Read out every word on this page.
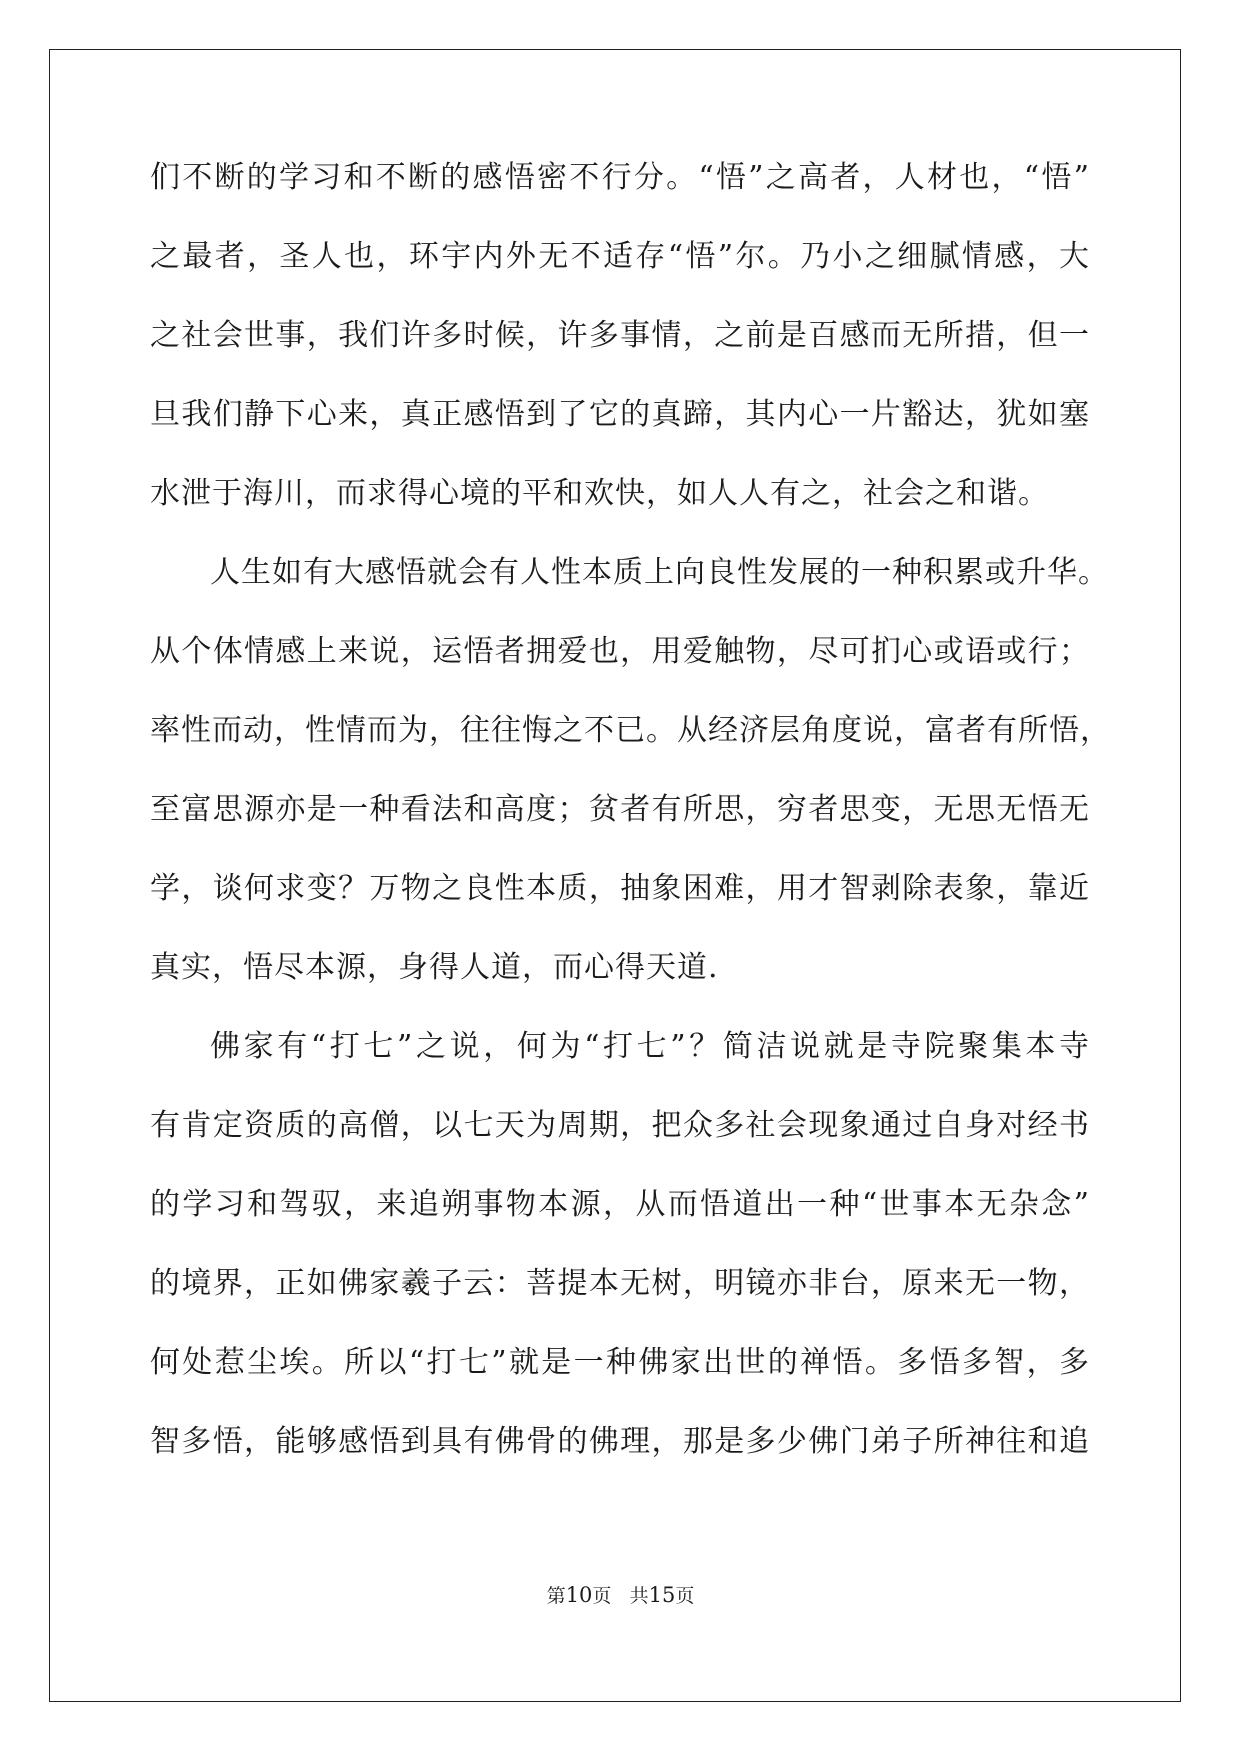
们不断的学习和不断的感悟密不行分。“悟”之高者，人材也，“悟”
之最者，圣人也，环宇内外无不适存“悟”尔。乃小之细腻情感，大
之社会世事，我们许多时候，许多事情，之前是百感而无所措，但一
旦我们静下心来，真正感悟到了它的真蹄，其内心一片豁达，犹如塞
水泄于海川，而求得心境的平和欢快，如人人有之，社会之和谐。
人生如有大感悟就会有人性本质上向良性发展的一种积累或升华。
从个体情感上来说，运悟者拥爱也，用爱触物，尽可扪心或语或行；
率性而动，性情而为，往往悔之不已。从经济层角度说，富者有所悟，
至富思源亦是一种看法和高度；贫者有所思，穷者思变，无思无悟无
学，谈何求变？万物之良性本质，抽象困难，用才智剥除表象，靠近
真实，悟尽本源，身得人道，而心得天道.
佛家有“打七”之说，何为“打七”？简洁说就是寺院聚集本寺
有肯定资质的高僧，以七天为周期，把众多社会现象通过自身对经书
的学习和驾驭，来追朔事物本源，从而悟道出一种“世事本无杂念”
的境界，正如佛家羲子云：菩提本无树，明镜亦非台，原来无一物，
何处惹尘埃。所以“打七”就是一种佛家出世的禅悟。多悟多智，多
智多悟，能够感悟到具有佛骨的佛理，那是多少佛门弟子所神往和追
第10页 共15页
